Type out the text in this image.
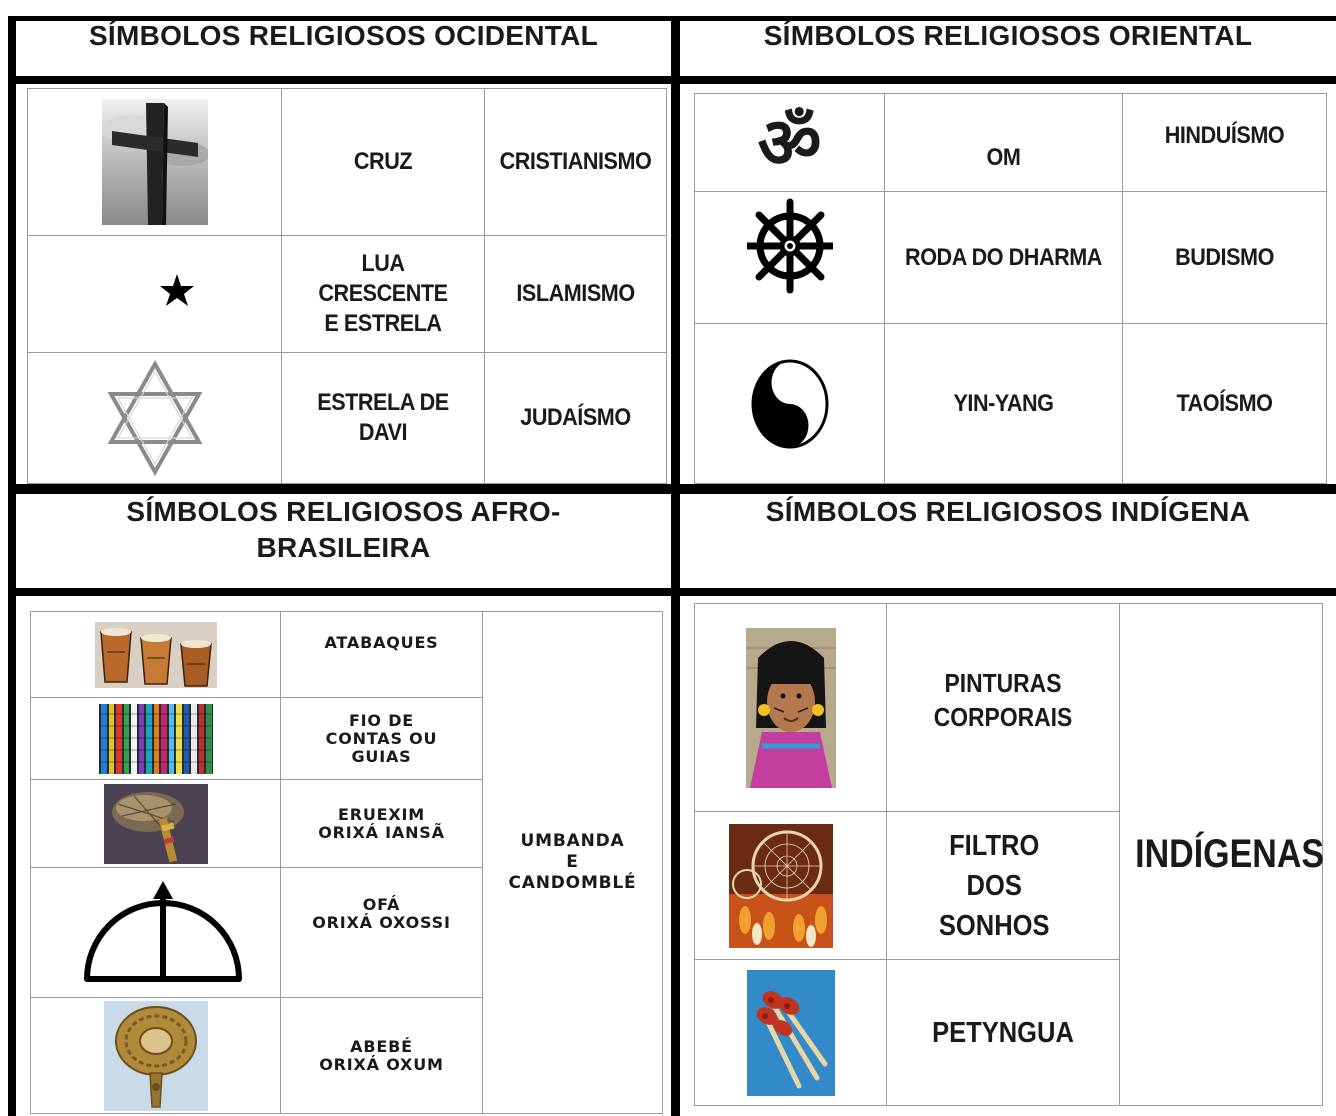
SÍMBOLOS RELIGIOSOS OCIDENTAL	SÍMBOLOS RELIGIOSOS ORIENTAL
SÍMBOLOS RELIGIOSOS AFRO-
BRASILEIRA
SÍMBOLOS RELIGIOSOS INDÍGENA

CRUZ	CRISTIANISMO

LUA
CRESCENTE
E ESTRELA	ISLAMISMO

ESTRELA DE DAVI	JUDAÍSMO
ॐ	OM	HINDUÍSMO

RODA DO DHARMA	BUDISMO

YIN-YANG	TAOÍSMO

ATABAQUES	UMBANDA
E
CANDOMBLÉ

FIO DE
CONTAS OU
GUIAS	

ERUEXIM
ORIXÁ IANSÃ	

OFÁ
ORIXÁ OXOSSI	

ABEBÉ
ORIXÁ OXUM	

PINTURAS
CORPORAIS	INDÍGENAS

FILTRO
DOS
SONHOS	

PETYNGUA	
